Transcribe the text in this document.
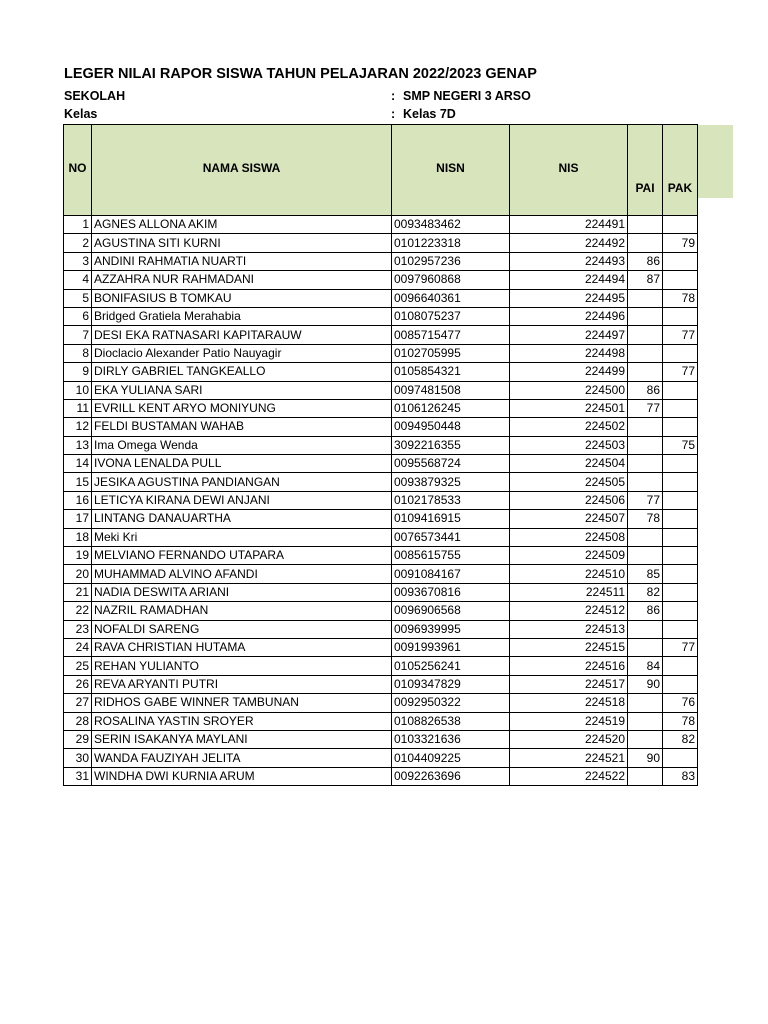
LEGER NILAI RAPOR SISWA TAHUN PELAJARAN 2022/2023 GENAP
SEKOLAH	: SMP NEGERI 3 ARSO
Kelas	: Kelas 7D
NO	NAMA SISWA	NISN	NIS	PAI	PAK
1	AGNES ALLONA AKIM	0093483462	224491		
2	AGUSTINA SITI KURNI	0101223318	224492		79
3	ANDINI RAHMATIA NUARTI	0102957236	224493	86	
4	AZZAHRA NUR RAHMADANI	0097960868	224494	87	
5	BONIFASIUS B TOMKAU	0096640361	224495		78
6	Bridged Gratiela Merahabia	0108075237	224496		
7	DESI EKA RATNASARI KAPITARAUW	0085715477	224497		77
8	Dioclacio Alexander Patio Nauyagir	0102705995	224498		
9	DIRLY GABRIEL TANGKEALLO	0105854321	224499		77
10	EKA YULIANA SARI	0097481508	224500	86	
11	EVRILL KENT ARYO MONIYUNG	0106126245	224501	77	
12	FELDI BUSTAMAN WAHAB	0094950448	224502		
13	Ima Omega Wenda	3092216355	224503		75
14	IVONA LENALDA PULL	0095568724	224504		
15	JESIKA AGUSTINA PANDIANGAN	0093879325	224505		
16	LETICYA KIRANA DEWI ANJANI	0102178533	224506	77	
17	LINTANG DANAUARTHA	0109416915	224507	78	
18	Meki Kri	0076573441	224508		
19	MELVIANO FERNANDO UTAPARA	0085615755	224509		
20	MUHAMMAD ALVINO AFANDI	0091084167	224510	85	
21	NADIA DESWITA ARIANI	0093670816	224511	82	
22	NAZRIL RAMADHAN	0096906568	224512	86	
23	NOFALDI SARENG	0096939995	224513		
24	RAVA CHRISTIAN HUTAMA	0091993961	224515		77
25	REHAN YULIANTO	0105256241	224516	84	
26	REVA ARYANTI PUTRI	0109347829	224517	90	
27	RIDHOS GABE WINNER TAMBUNAN	0092950322	224518		76
28	ROSALINA YASTIN SROYER	0108826538	224519		78
29	SERIN ISAKANYA MAYLANI	0103321636	224520		82
30	WANDA FAUZIYAH JELITA	0104409225	224521	90	
31	WINDHA DWI KURNIA ARUM	0092263696	224522		83
